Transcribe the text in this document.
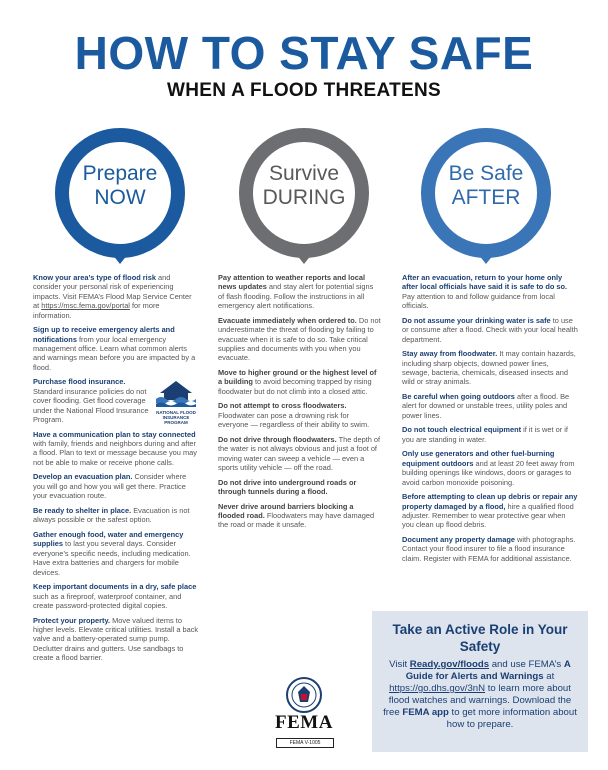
HOW TO STAY SAFE
WHEN A FLOOD THREATENS
Prepare
NOW
Survive
DURING
Be Safe
AFTER
Know your area’s type of flood risk and consider your personal risk of experiencing impacts. Visit FEMA’s Flood Map Service Center at https://msc.fema.gov/portal for more information.
Sign up to receive emergency alerts and notifications from your local emergency management office. Learn what common alerts and warnings mean before you are impacted by a flood.
NATIONAL FLOOD INSURANCE PROGRAM
Purchase flood insurance. Standard insurance policies do not cover flooding. Get flood coverage under the National Flood Insurance Program.
Have a communication plan to stay connected with family, friends and neighbors during and after a flood. Plan to text or message because you may not be able to make or receive phone calls.
Develop an evacuation plan. Consider where you will go and how you will get there. Practice your evacuation route.
Be ready to shelter in place. Evacuation is not always possible or the safest option.
Gather enough food, water and emergency supplies to last you several days. Consider everyone’s specific needs, including medication. Have extra batteries and chargers for mobile devices.
Keep important documents in a dry, safe place such as a fireproof, waterproof container, and create password-protected digital copies.
Protect your property. Move valued items to higher levels. Elevate critical utilities. Install a back valve and a battery-operated sump pump. Declutter drains and gutters. Use sandbags to create a flood barrier.
Pay attention to weather reports and local news updates and stay alert for potential signs of flash flooding. Follow the instructions in all emergency alert notifications.
Evacuate immediately when ordered to. Do not underestimate the threat of flooding by failing to evacuate when it is safe to do so. Take critical supplies and documents with you when you evacuate.
Move to higher ground or the highest level of a building to avoid becoming trapped by rising floodwater but do not climb into a closed attic.
Do not attempt to cross floodwaters. Floodwater can pose a drowning risk for everyone — regardless of their ability to swim.
Do not drive through floodwaters. The depth of the water is not always obvious and just a foot of moving water can sweep a vehicle — even a sports utility vehicle — off the road.
Do not drive into underground roads or through tunnels during a flood.
Never drive around barriers blocking a flooded road. Floodwaters may have damaged the road or made it unsafe.
After an evacuation, return to your home only after local officials have said it is safe to do so. Pay attention to and follow guidance from local officials.
Do not assume your drinking water is safe to use or consume after a flood. Check with your local health department.
Stay away from floodwater. It may contain hazards, including sharp objects, downed power lines, sewage, bacteria, chemicals, diseased insects and wild or stray animals.
Be careful when going outdoors after a flood. Be alert for downed or unstable trees, utility poles and power lines.
Do not touch electrical equipment if it is wet or if you are standing in water.
Only use generators and other fuel-burning equipment outdoors and at least 20 feet away from building openings like windows, doors or garages to avoid carbon monoxide poisoning.
Before attempting to clean up debris or repair any property damaged by a flood, hire a qualified flood adjuster. Remember to wear protective gear when you clean up flood debris.
Document any property damage with photographs. Contact your flood insurer to file a flood insurance claim. Register with FEMA for additional assistance.
Take an Active Role in Your Safety
Visit Ready.gov/floods and use FEMA’s A Guide for Alerts and Warnings at https://go.dhs.gov/3nN to learn more about flood watches and warnings. Download the free FEMA app to get more information about how to prepare.
FEMA
FEMA V-1005
